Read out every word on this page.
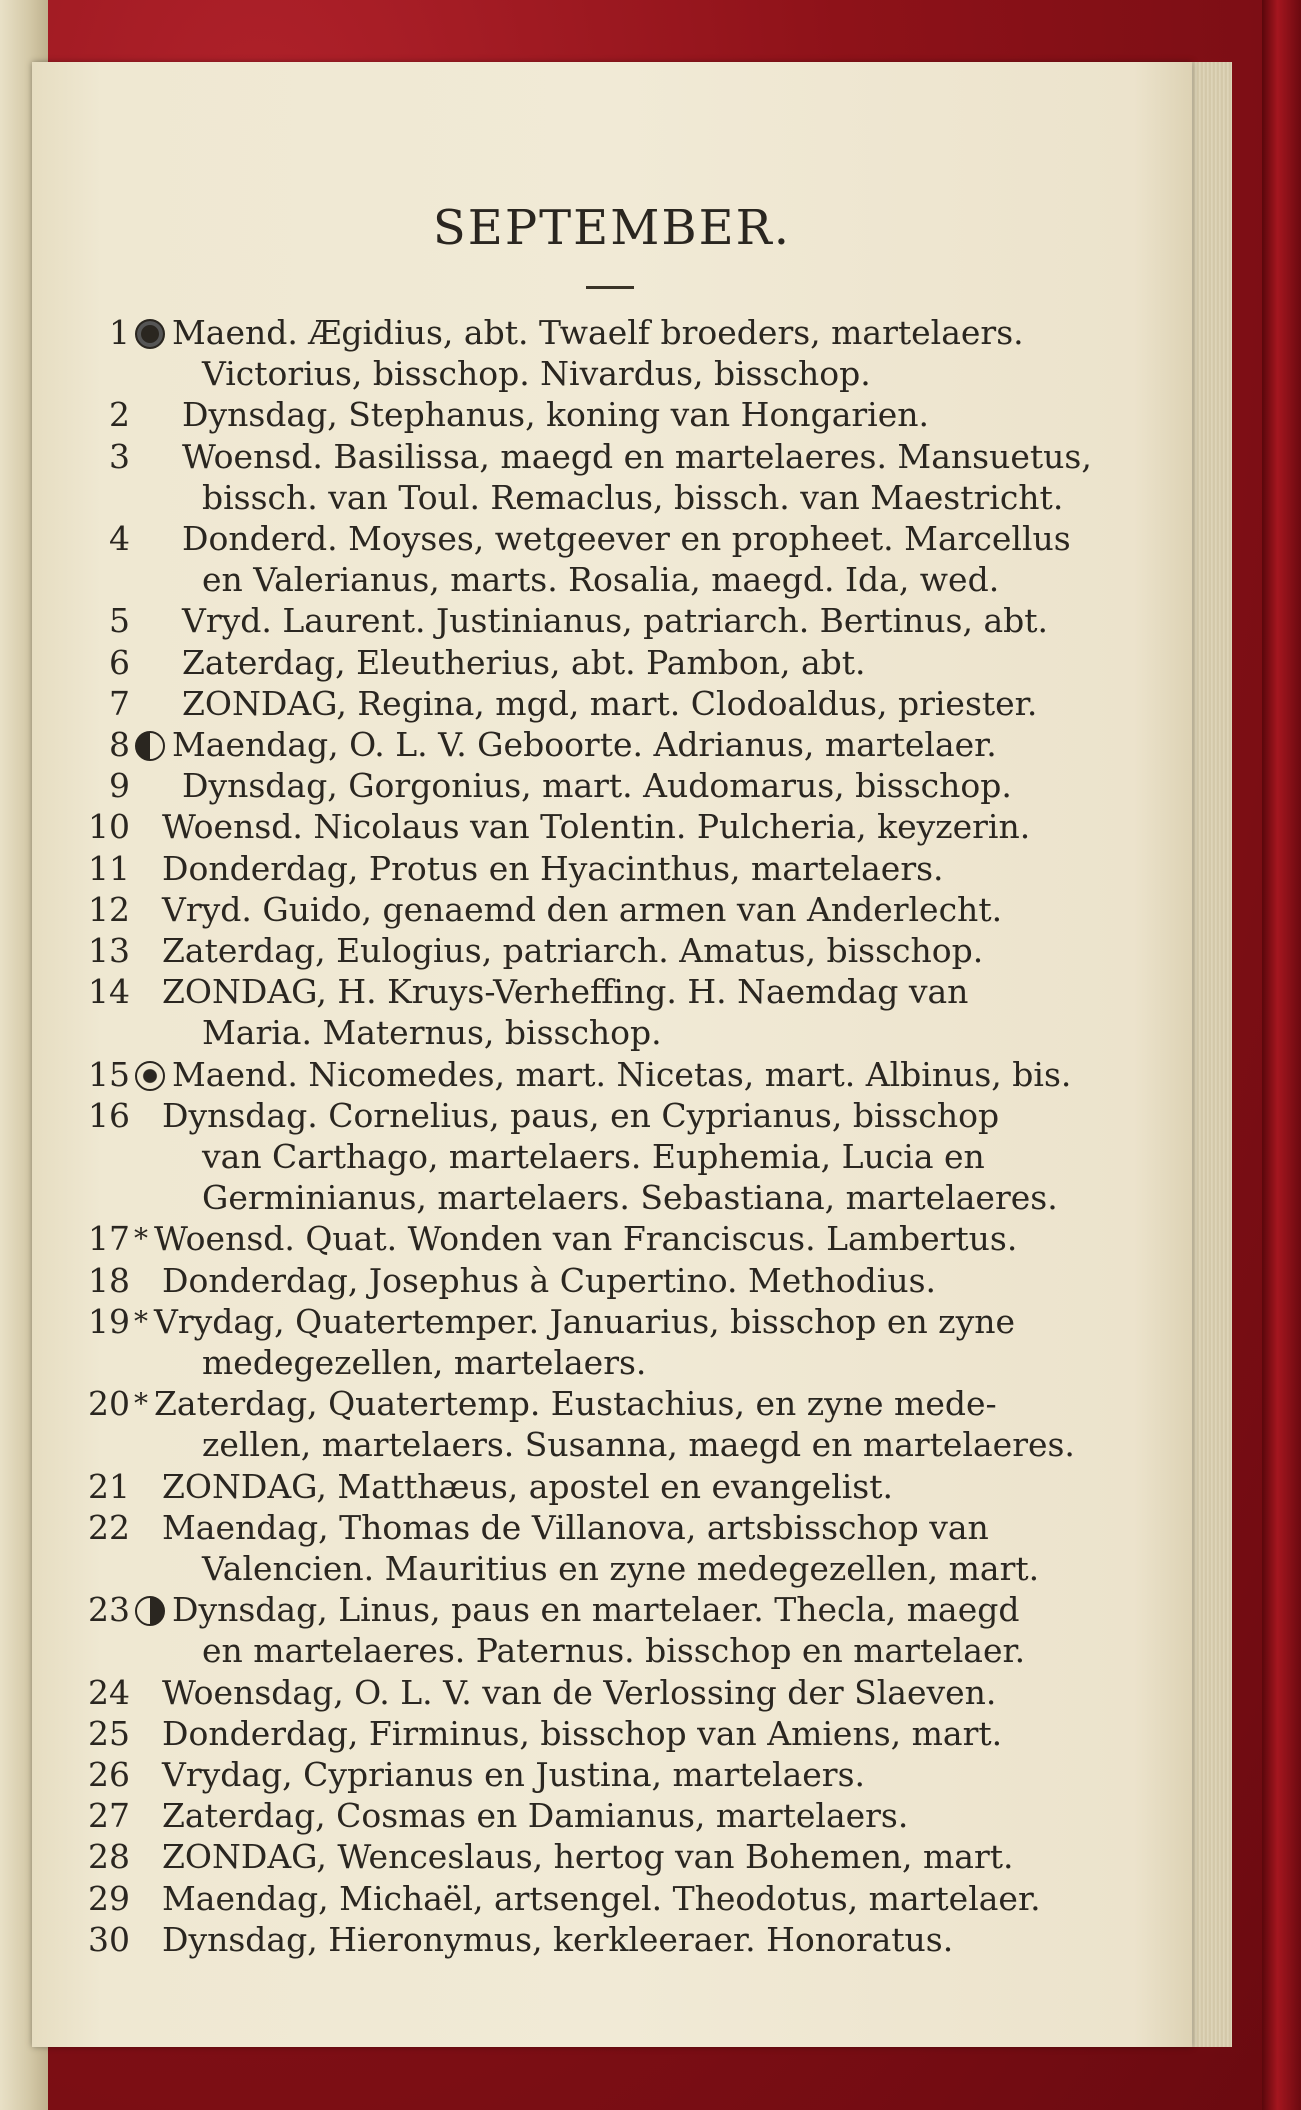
SEPTEMBER.
1 Maend. Ægidius, abt. Twaelf broeders, martelaers.
Victorius, bisschop. Nivardus, bisschop.
2 Dynsdag, Stephanus, koning van Hongarien.
3 Woensd. Basilissa, maegd en martelaeres. Mansuetus,
bissch. van Toul. Remaclus, bissch. van Maestricht.
4 Donderd. Moyses, wetgeever en propheet. Marcellus
en Valerianus, marts. Rosalia, maegd. Ida, wed.
5 Vryd. Laurent. Justinianus, patriarch. Bertinus, abt.
6 Zaterdag, Eleutherius, abt. Pambon, abt.
7 ZONDAG, Regina, mgd, mart. Clodoaldus, priester.
8 Maendag, O. L. V. Geboorte. Adrianus, martelaer.
9 Dynsdag, Gorgonius, mart. Audomarus, bisschop.
10 Woensd. Nicolaus van Tolentin. Pulcheria, keyzerin.
11 Donderdag, Protus en Hyacinthus, martelaers.
12 Vryd. Guido, genaemd den armen van Anderlecht.
13 Zaterdag, Eulogius, patriarch. Amatus, bisschop.
14 ZONDAG, H. Kruys-Verheffing. H. Naemdag van
Maria. Maternus, bisschop.
15 Maend. Nicomedes, mart. Nicetas, mart. Albinus, bis.
16 Dynsdag. Cornelius, paus, en Cyprianus, bisschop
van Carthago, martelaers. Euphemia, Lucia en
Germinianus, martelaers. Sebastiana, martelaeres.
17 * Woensd. Quat. Wonden van Franciscus. Lambertus.
18 Donderdag, Josephus à Cupertino. Methodius.
19 * Vrydag, Quatertemper. Januarius, bisschop en zyne
medegezellen, martelaers.
20 * Zaterdag, Quatertemp. Eustachius, en zyne mede-
zellen, martelaers. Susanna, maegd en martelaeres.
21 ZONDAG, Matthæus, apostel en evangelist.
22 Maendag, Thomas de Villanova, artsbisschop van
Valencien. Mauritius en zyne medegezellen, mart.
23 Dynsdag, Linus, paus en martelaer. Thecla, maegd
en martelaeres. Paternus. bisschop en martelaer.
24 Woensdag, O. L. V. van de Verlossing der Slaeven.
25 Donderdag, Firminus, bisschop van Amiens, mart.
26 Vrydag, Cyprianus en Justina, martelaers.
27 Zaterdag, Cosmas en Damianus, martelaers.
28 ZONDAG, Wenceslaus, hertog van Bohemen, mart.
29 Maendag, Michaël, artsengel. Theodotus, martelaer.
30 Dynsdag, Hieronymus, kerkleeraer. Honoratus.
